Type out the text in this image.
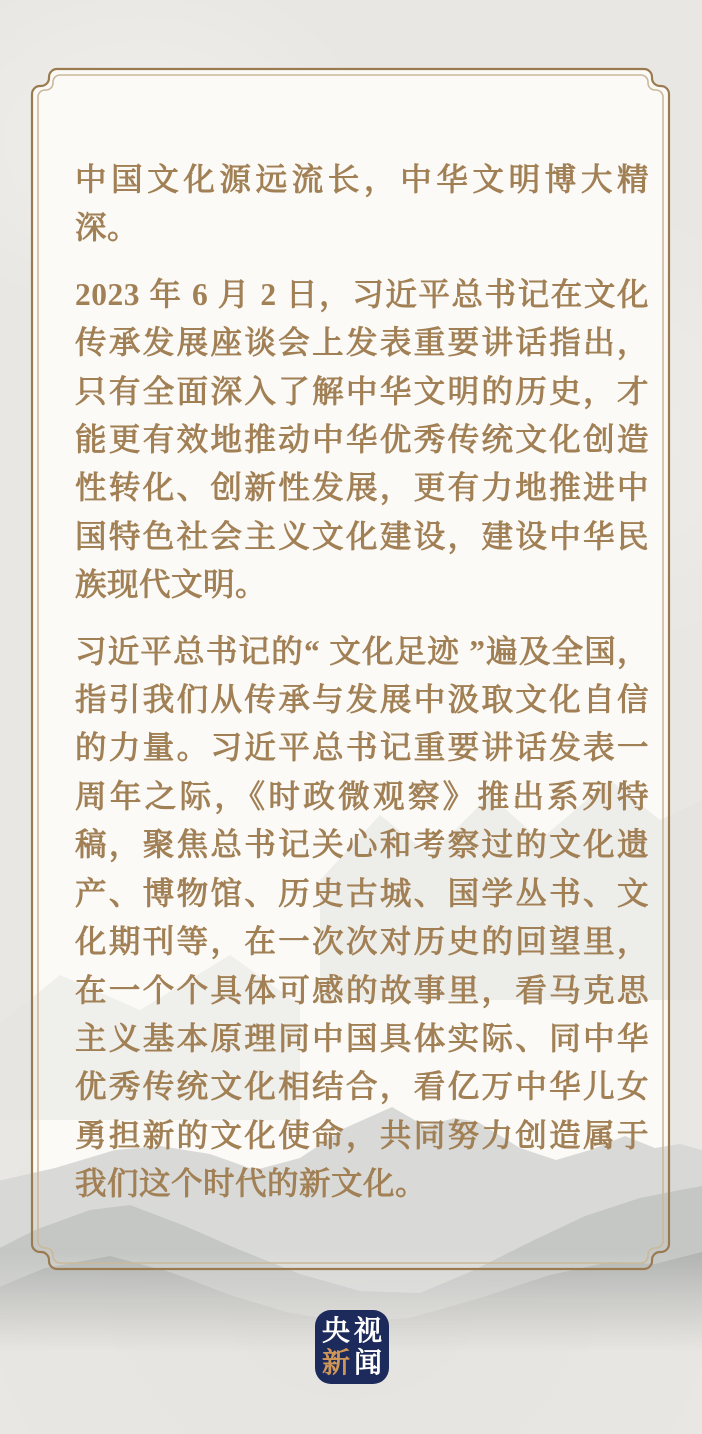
中国文化源远流长，中华文明博大精深。

2023 年 6 月 2 日，习近平总书记在文化传承发展座谈会上发表重要讲话指出，只有全面深入了解中华文明的历史，才能更有效地推动中华优秀传统文化创造性转化、创新性发展，更有力地推进中国特色社会主义文化建设，建设中华民族现代文明。

习近平总书记的“ 文化足迹 ”遍及全国，指引我们从传承与发展中汲取文化自信的力量。习近平总书记重要讲话发表一周年之际，《时政微观察》推出系列特稿，聚焦总书记关心和考察过的文化遗产、博物馆、历史古城、国学丛书、文化期刊等，在一次次对历史的回望里，在一个个具体可感的故事里，看马克思主义基本原理同中国具体实际、同中华优秀传统文化相结合，看亿万中华儿女勇担新的文化使命，共同努力创造属于我们这个时代的新文化。

央 视
新 闻
